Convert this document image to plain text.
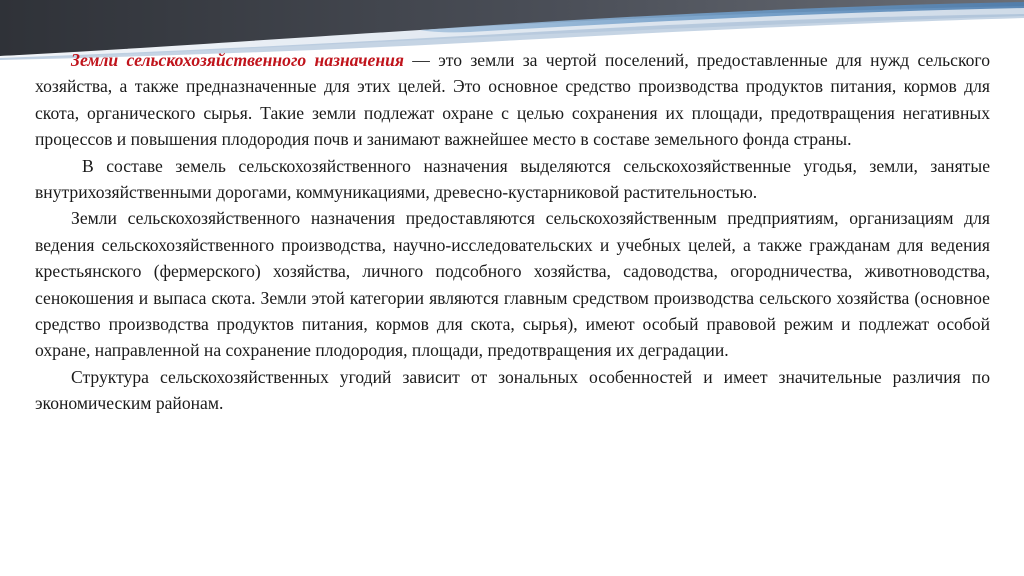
Земли сельскохозяйственного назначения — это земли за чертой поселений, предоставленные для нужд сельского хозяйства, а также предназначенные для этих целей. Это основное средство производства продуктов питания, кормов для скота, органического сырья. Такие земли подлежат охране с целью сохранения их площади, предотвращения негативных процессов и повышения плодородия почв и занимают важнейшее место в составе земельного фонда страны.

В составе земель сельскохозяйственного назначения выделяются сельскохозяйственные угодья, земли, занятые внутрихозяйственными дорогами, коммуникациями, древесно-кустарниковой растительностью.

Земли сельскохозяйственного назначения предоставляются сельскохозяйственным предприятиям, организациям для ведения сельскохозяйственного производства, научно-исследовательских и учебных целей, а также гражданам для ведения крестьянского (фермерского) хозяйства, личного подсобного хозяйства, садоводства, огородничества, животноводства, сенокошения и выпаса скота. Земли этой категории являются главным средством производства сельского хозяйства (основное средство производства продуктов питания, кормов для скота, сырья), имеют особый правовой режим и подлежат особой охране, направленной на сохранение плодородия, площади, предотвращения их деградации.

Структура сельскохозяйственных угодий зависит от зональных особенностей и имеет значительные различия по экономическим районам.
